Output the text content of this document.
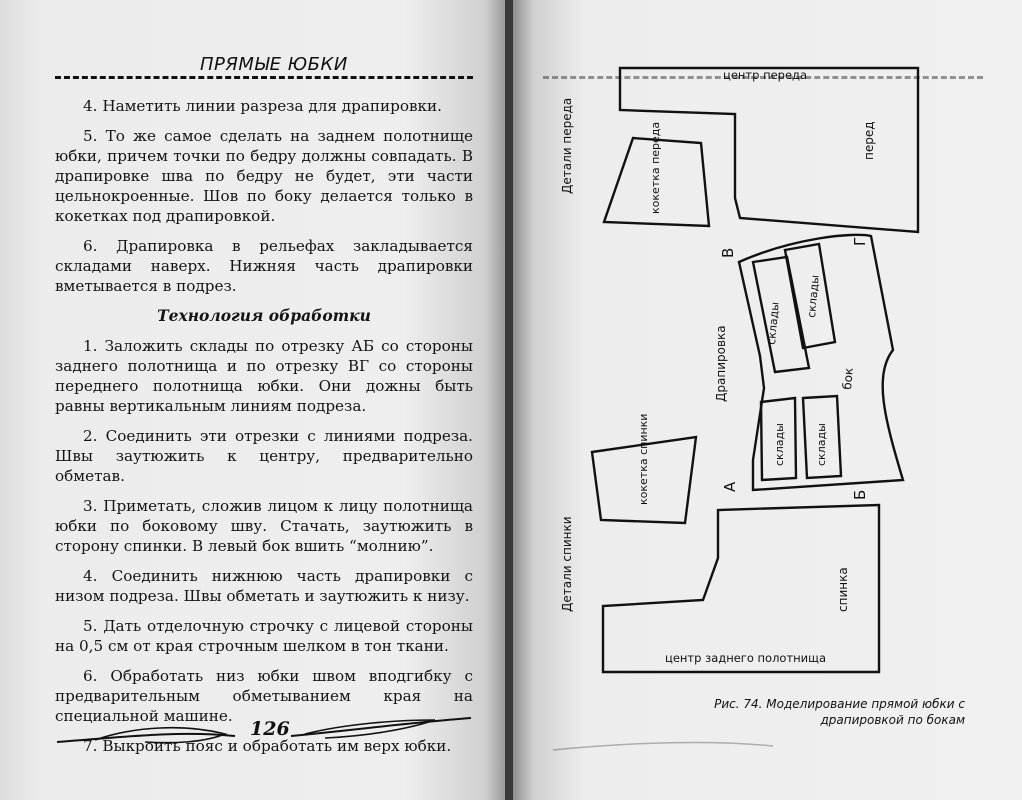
ПРЯМЫЕ ЮБКИ

4. Наметить линии разреза для драпировки.

5. То же самое сделать на заднем полотнище юбки, причем точки по бедру должны совпадать. В драпировке шва по бедру не будет, эти части цельнокроенные. Шов по боку делается только в кокетках под драпировкой.

6. Драпировка в рельефах закладывается складами наверх. Нижняя часть драпировки вметывается в подрез.

Технология обработки

1. Заложить склады по отрезку АБ со стороны заднего полотнища и по отрезку ВГ со стороны переднего полотнища юбки. Они дожны быть равны вертикальным линиям подреза.

2. Соединить эти отрезки с линиями подреза. Швы заутюжить к центру, предварительно обметав.

3. Приметать, сложив лицом к лицу полотнища юбки по боковому шву. Стачать, заутюжить в сторону спинки. В левый бок вшить “молнию”.

4. Соединить нижнюю часть драпировки с низом подреза. Швы обметать и заутюжить к низу.

5. Дать отделочную строчку с лицевой стороны на 0,5 см от края строчным шелком в тон ткани.

6. Обработать низ юбки швом вподгибку с предварительным обметыванием края на специальной машине.

7. Выкроить пояс и обработать им верх юбки.

126
центр переда
Детали переда	кокетка переда	перед
В
Г
Драпировка
склады
склады
бок
склады	склады
кокетка спинки	А
Б
Детали спинки	спинка
центр заднего полотнища
Рис. 74. Моделирование прямой юбки с драпировкой по бокам
